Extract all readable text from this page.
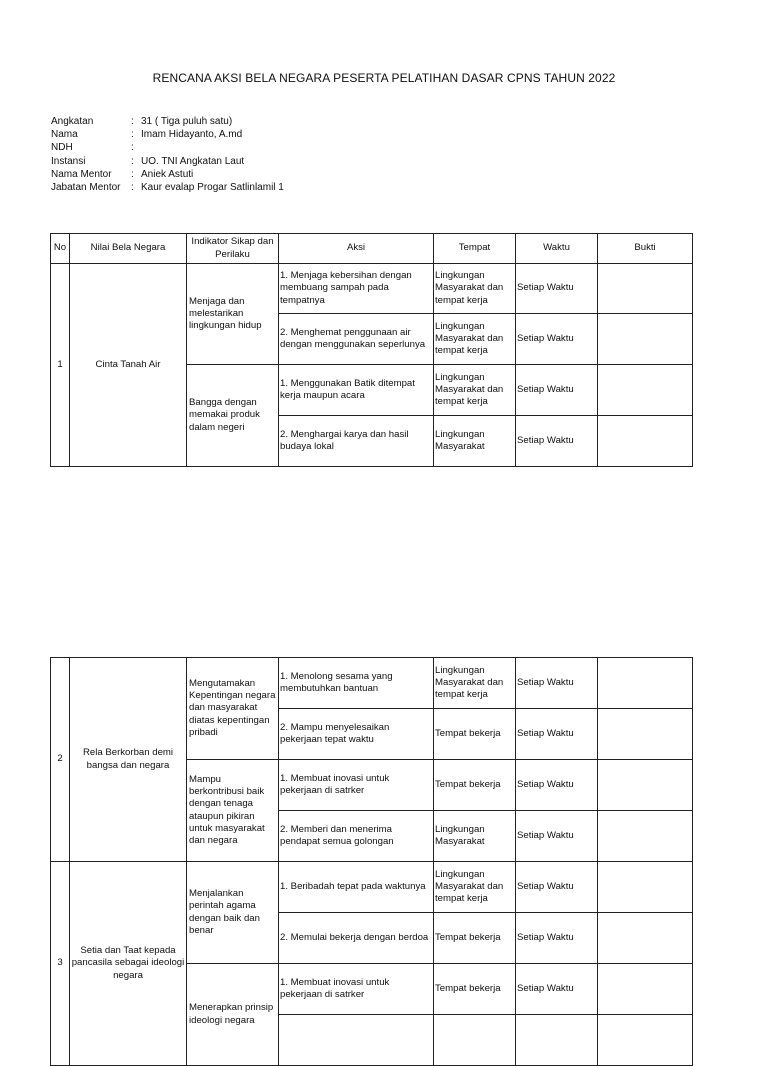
RENCANA AKSI BELA NEGARA PESERTA PELATIHAN DASAR CPNS TAHUN 2022
Angkatan	: 31 ( Tiga puluh satu)
Nama	: Imam Hidayanto, A.md
NDH	:
Instansi	: UO. TNI Angkatan Laut
Nama Mentor	: Aniek Astuti
Jabatan Mentor	: Kaur evalap Progar Satlinlamil 1
No	Nilai Bela Negara	Indikator Sikap dan Perilaku	Aksi	Tempat	Waktu	Bukti
1	Cinta Tanah Air	Menjaga dan melestarikan lingkungan hidup	1. Menjaga kebersihan dengan membuang sampah pada tempatnya	Lingkungan Masyarakat dan tempat kerja	Setiap Waktu	
			2. Menghemat penggunaan air dengan menggunakan seperlunya	Lingkungan Masyarakat dan tempat kerja	Setiap Waktu	
		Bangga dengan memakai produk dalam negeri	1. Menggunakan Batik ditempat kerja maupun acara	Lingkungan Masyarakat dan tempat kerja	Setiap Waktu	
			2. Menghargai karya dan hasil budaya lokal	Lingkungan Masyarakat	Setiap Waktu	
2	Rela Berkorban demi bangsa dan negara	Mengutamakan Kepentingan negara dan masyarakat diatas kepentingan pribadi	1. Menolong sesama yang membutuhkan bantuan	Lingkungan Masyarakat dan tempat kerja	Setiap Waktu	
			2. Mampu menyelesaikan pekerjaan tepat waktu	Tempat bekerja	Setiap Waktu	
		Mampu berkontribusi baik dengan tenaga ataupun pikiran untuk masyarakat dan negara	1. Membuat inovasi untuk pekerjaan di satrker	Tempat bekerja	Setiap Waktu	
			2. Memberi dan menerima pendapat semua golongan	Lingkungan Masyarakat	Setiap Waktu	
3	Setia dan Taat kepada pancasila sebagai ideologi negara	Menjalankan perintah agama dengan baik dan benar	1. Beribadah tepat pada waktunya	Lingkungan Masyarakat dan tempat kerja	Setiap Waktu	
			2. Memulai bekerja dengan berdoa	Tempat bekerja	Setiap Waktu	
		Menerapkan prinsip ideologi negara	1. Membuat inovasi untuk pekerjaan di satrker	Tempat bekerja	Setiap Waktu	
